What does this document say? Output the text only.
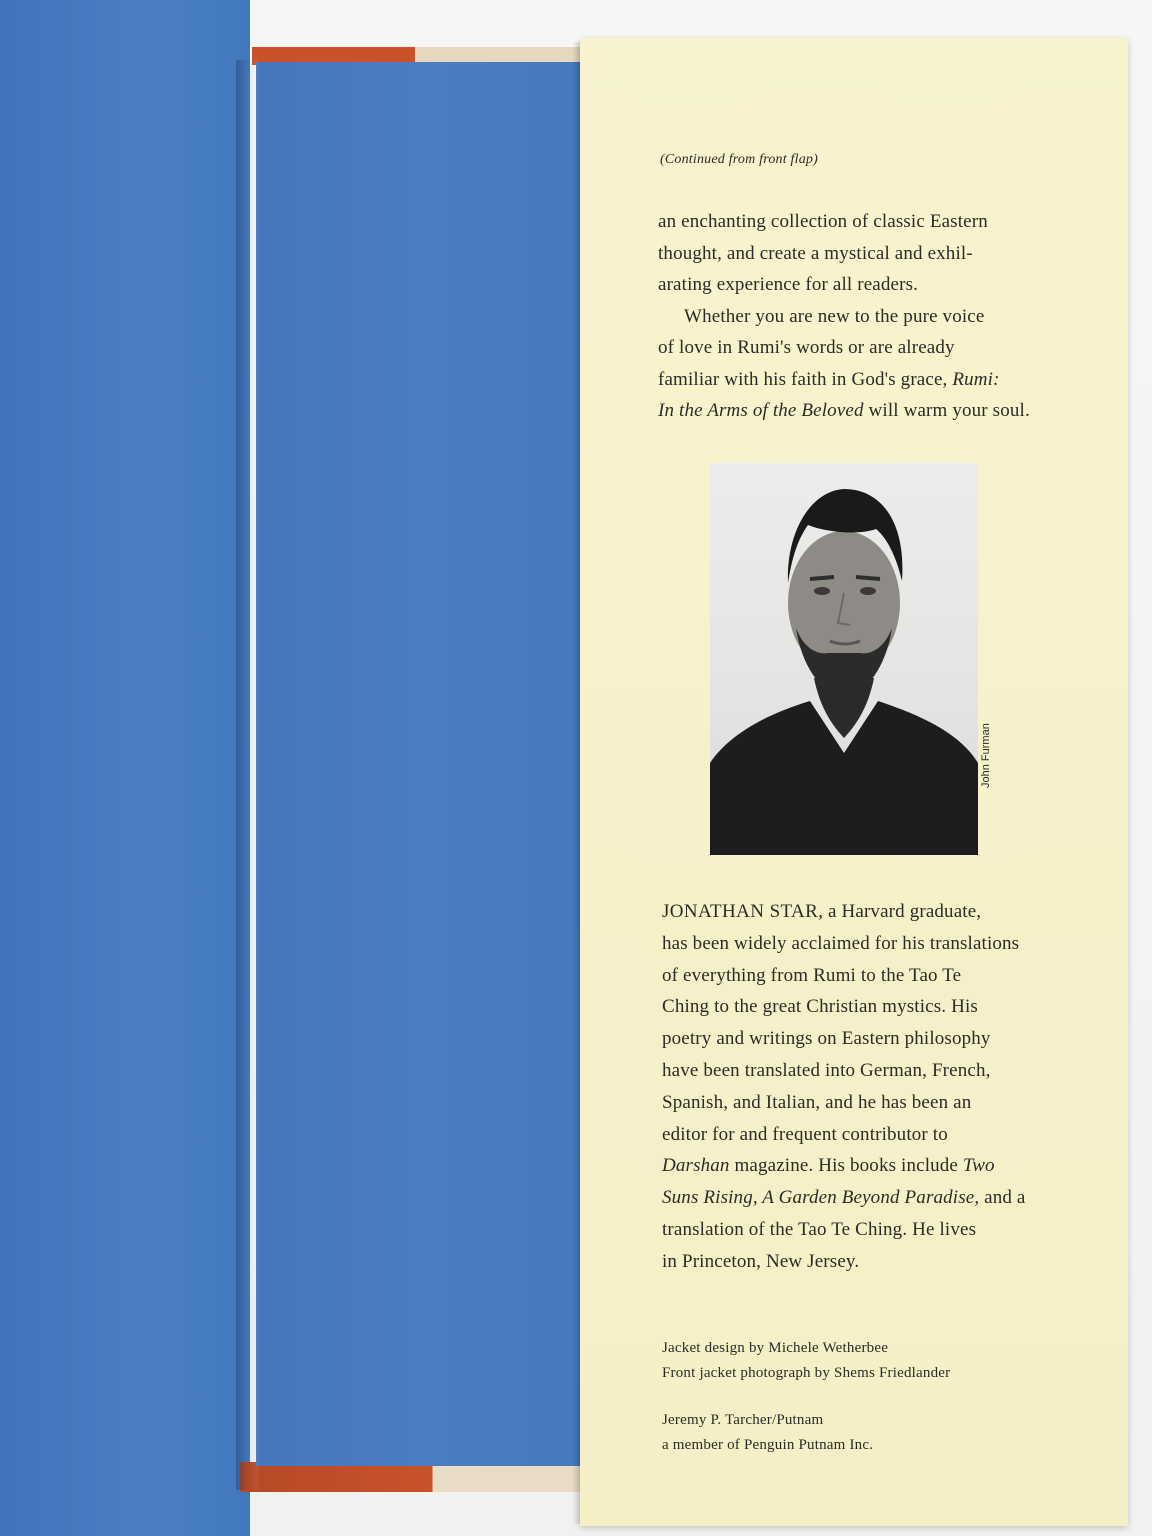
(Continued from front flap)
an enchanting collection of classic Eastern
thought, and create a mystical and exhil-
arating experience for all readers.
Whether you are new to the pure voice
of love in Rumi's words or are already
familiar with his faith in God's grace, Rumi:
In the Arms of the Beloved will warm your soul.
John Furman
JONATHAN STAR, a Harvard graduate,
has been widely acclaimed for his translations
of everything from Rumi to the Tao Te
Ching to the great Christian mystics. His
poetry and writings on Eastern philosophy
have been translated into German, French,
Spanish, and Italian, and he has been an
editor for and frequent contributor to
Darshan magazine. His books include Two
Suns Rising, A Garden Beyond Paradise, and a
translation of the Tao Te Ching. He lives
in Princeton, New Jersey.
Jacket design by Michele Wetherbee
Front jacket photograph by Shems Friedlander
Jeremy P. Tarcher/Putnam
a member of Penguin Putnam Inc.
